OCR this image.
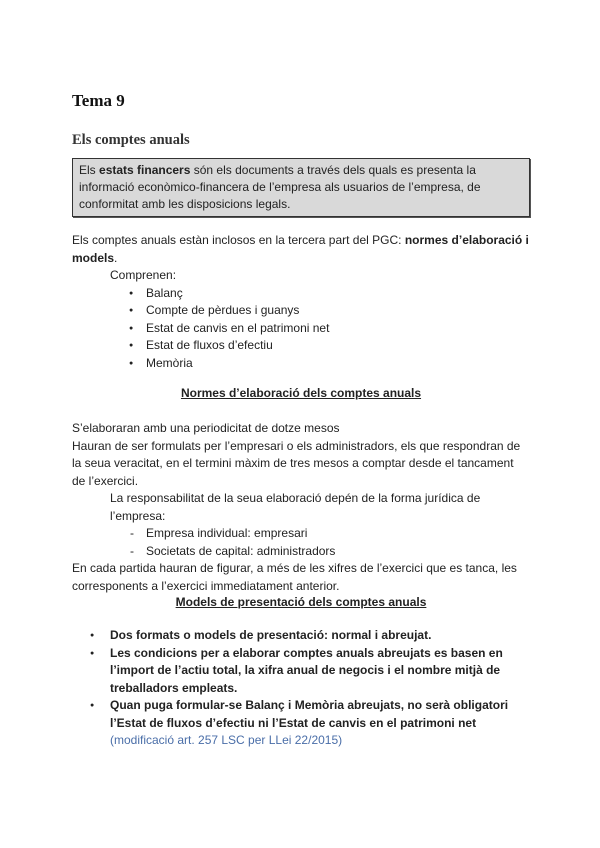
Tema 9
Els comptes anuals
Els estats financers són els documents a través dels quals es presenta la informació econòmico-financera de l’empresa als usuarios de l’empresa, de conformitat amb les disposicions legals.

Els comptes anuals estàn inclosos en la tercera part del PGC: normes d’elaboració i models.

Comprenen:

● Balanç
● Compte de pèrdues i guanys
● Estat de canvis en el patrimoni net
● Estat de fluxos d’efectiu
● Memòria
Normes d’elaboració dels comptes anuals

S’elaboraran amb una periodicitat de dotze mesos

Hauran de ser formulats per l’empresari o els administradors, els que respondran de la seua veracitat, en el termini màxim de tres mesos a comptar desde el tancament de l’exercici.

La responsabilitat de la seua elaboració depén de la forma jurídica de l’empresa:

- Empresa individual: empresari
- Societats de capital: administradors

En cada partida hauran de figurar, a més de les xifres de l’exercici que es tanca, les corresponents a l’exercici immediatament anterior.

Models de presentació dels comptes anuals
● Dos formats o models de presentació: normal i abreujat.
● Les condicions per a elaborar comptes anuals abreujats es basen en l’import de l’actiu total, la xifra anual de negocis i el nombre mitjà de treballadors empleats.
● Quan puga formular-se Balanç i Memòria abreujats, no serà obligatori l’Estat de fluxos d’efectiu ni l’Estat de canvis en el patrimoni net (modificació art. 257 LSC per LLei 22/2015)
